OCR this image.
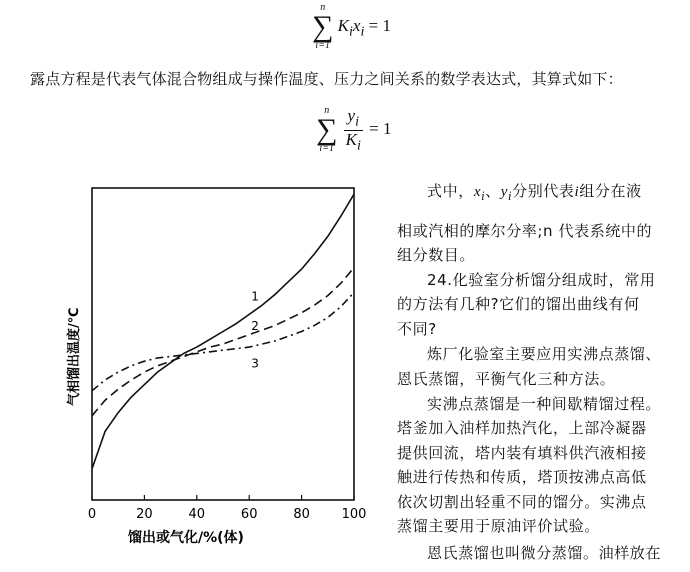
n
∑
i=1
$K_ix_i = 1$
露点方程是代表气体混合物组成与操作温度、压力之间关系的数学表达式，其算式如下：
n
∑
i=1
$\frac{y_i}{K_i} = 1$
0	20	40	60	80 100
1
2
3
气相馏出温度/℃
馏出或气化/%(体)
式中，$x_i$、$y_i$分别代表i组分在液
相或汽相的摩尔分率;n 代表系统中的
组分数目。
24.化验室分析馏分组成时，常用
的方法有几种?它们的馏出曲线有何
不同?
炼厂化验室主要应用实沸点蒸馏、
恩氏蒸馏，平衡气化三种方法。
实沸点蒸馏是一种间歇精馏过程。
塔釜加入油样加热汽化，上部冷凝器
提供回流，塔内装有填料供汽液相接
触进行传热和传质，塔顶按沸点高低
依次切割出轻重不同的馏分。实沸点
蒸馏主要用于原油评价试验。
恩氏蒸馏也叫微分蒸馏。油样放在
